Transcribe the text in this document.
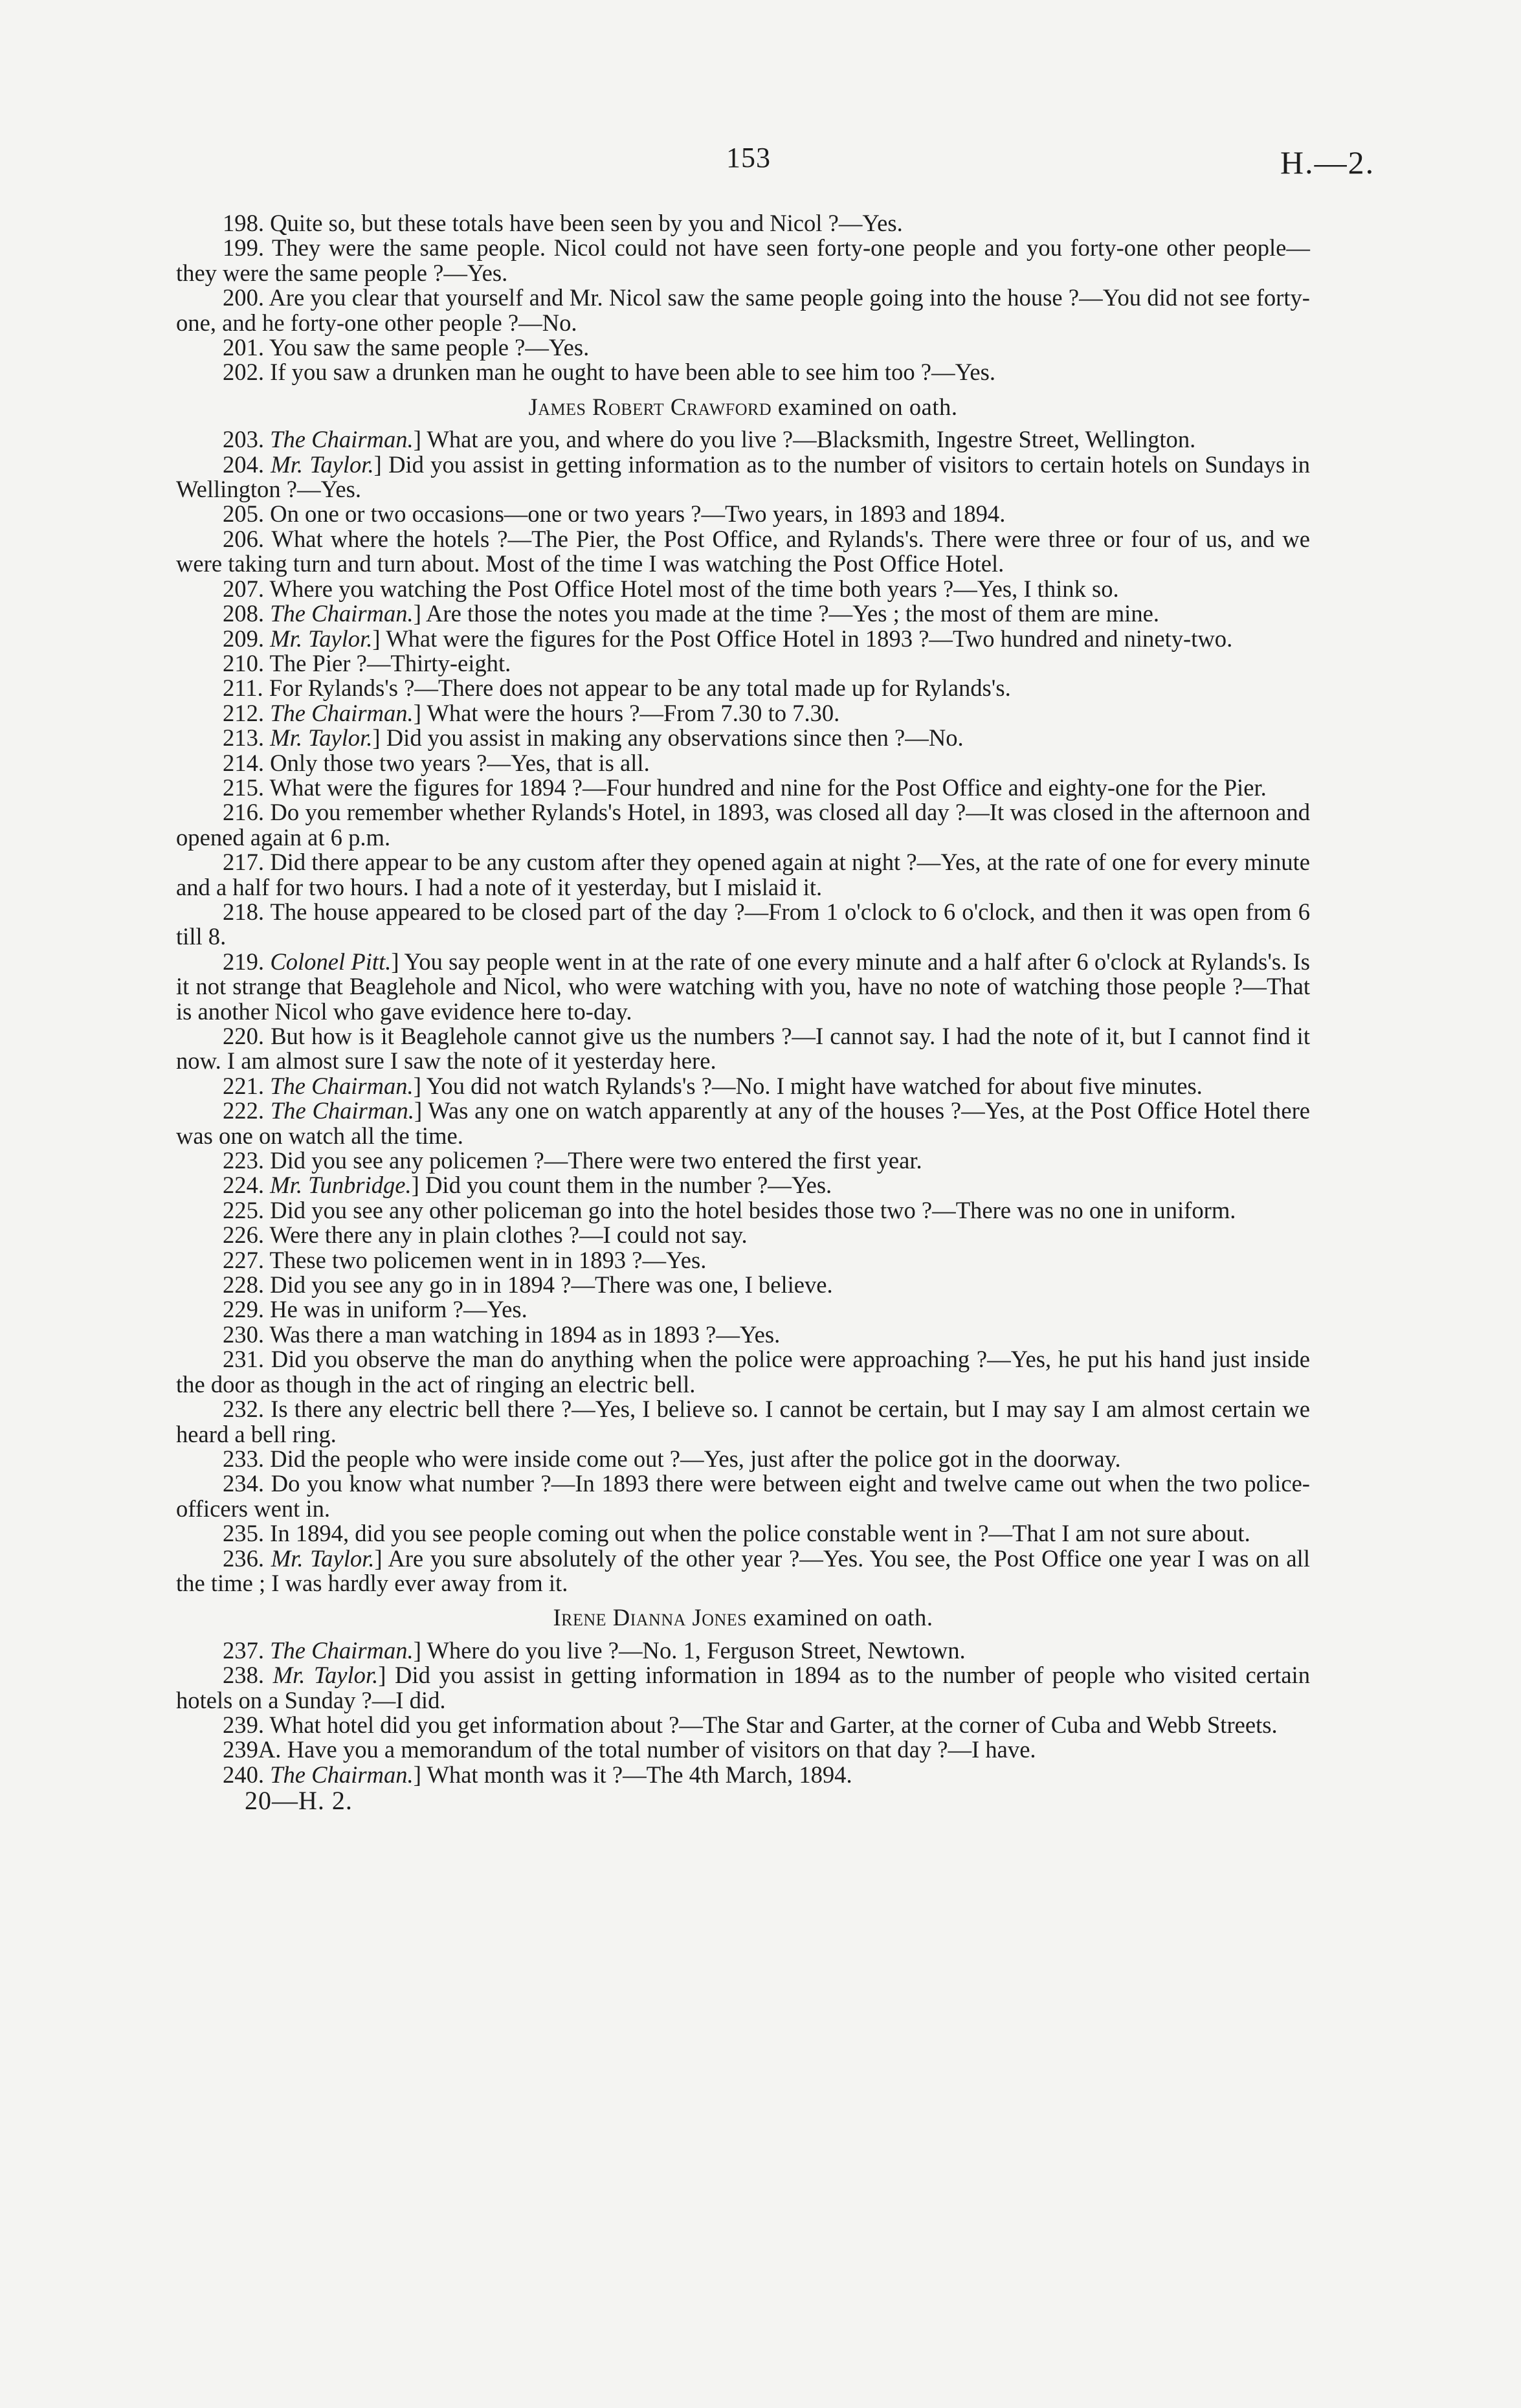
153	H.—2.

198. Quite so, but these totals have been seen by you and Nicol ?—Yes.

199. They were the same people. Nicol could not have seen forty-one people and you forty-one other people—they were the same people ?—Yes.

200. Are you clear that yourself and Mr. Nicol saw the same people going into the house ?—You did not see forty-one, and he forty-one other people ?—No.

201. You saw the same people ?—Yes.

202. If you saw a drunken man he ought to have been able to see him too ?—Yes.

James Robert Crawford examined on oath.

203. The Chairman.] What are you, and where do you live ?—Blacksmith, Ingestre Street, Wellington.

204. Mr. Taylor.] Did you assist in getting information as to the number of visitors to certain hotels on Sundays in Wellington ?—Yes.

205. On one or two occasions—one or two years ?—Two years, in 1893 and 1894.

206. What where the hotels ?—The Pier, the Post Office, and Rylands's. There were three or four of us, and we were taking turn and turn about. Most of the time I was watching the Post Office Hotel.

207. Where you watching the Post Office Hotel most of the time both years ?—Yes, I think so.

208. The Chairman.] Are those the notes you made at the time ?—Yes ; the most of them are mine.

209. Mr. Taylor.] What were the figures for the Post Office Hotel in 1893 ?—Two hundred and ninety-two.

210. The Pier ?—Thirty-eight.

211. For Rylands's ?—There does not appear to be any total made up for Rylands's.

212. The Chairman.] What were the hours ?—From 7.30 to 7.30.

213. Mr. Taylor.] Did you assist in making any observations since then ?—No.

214. Only those two years ?—Yes, that is all.

215. What were the figures for 1894 ?—Four hundred and nine for the Post Office and eighty-one for the Pier.

216. Do you remember whether Rylands's Hotel, in 1893, was closed all day ?—It was closed in the afternoon and opened again at 6 p.m.

217. Did there appear to be any custom after they opened again at night ?—Yes, at the rate of one for every minute and a half for two hours. I had a note of it yesterday, but I mislaid it.

218. The house appeared to be closed part of the day ?—From 1 o'clock to 6 o'clock, and then it was open from 6 till 8.

219. Colonel Pitt.] You say people went in at the rate of one every minute and a half after 6 o'clock at Rylands's. Is it not strange that Beaglehole and Nicol, who were watching with you, have no note of watching those people ?—That is another Nicol who gave evidence here to-day.

220. But how is it Beaglehole cannot give us the numbers ?—I cannot say. I had the note of it, but I cannot find it now. I am almost sure I saw the note of it yesterday here.

221. The Chairman.] You did not watch Rylands's ?—No. I might have watched for about five minutes.

222. The Chairman.] Was any one on watch apparently at any of the houses ?—Yes, at the Post Office Hotel there was one on watch all the time.

223. Did you see any policemen ?—There were two entered the first year.

224. Mr. Tunbridge.] Did you count them in the number ?—Yes.

225. Did you see any other policeman go into the hotel besides those two ?—There was no one in uniform.

226. Were there any in plain clothes ?—I could not say.

227. These two policemen went in in 1893 ?—Yes.

228. Did you see any go in in 1894 ?—There was one, I believe.

229. He was in uniform ?—Yes.

230. Was there a man watching in 1894 as in 1893 ?—Yes.

231. Did you observe the man do anything when the police were approaching ?—Yes, he put his hand just inside the door as though in the act of ringing an electric bell.

232. Is there any electric bell there ?—Yes, I believe so. I cannot be certain, but I may say I am almost certain we heard a bell ring.

233. Did the people who were inside come out ?—Yes, just after the police got in the doorway.

234. Do you know what number ?—In 1893 there were between eight and twelve came out when the two police-officers went in.

235. In 1894, did you see people coming out when the police constable went in ?—That I am not sure about.

236. Mr. Taylor.] Are you sure absolutely of the other year ?—Yes. You see, the Post Office one year I was on all the time ; I was hardly ever away from it.

Irene Dianna Jones examined on oath.

237. The Chairman.] Where do you live ?—No. 1, Ferguson Street, Newtown.

238. Mr. Taylor.] Did you assist in getting information in 1894 as to the number of people who visited certain hotels on a Sunday ?—I did.

239. What hotel did you get information about ?—The Star and Garter, at the corner of Cuba and Webb Streets.

239A. Have you a memorandum of the total number of visitors on that day ?—I have.

240. The Chairman.] What month was it ?—The 4th March, 1894.

20—H. 2.
